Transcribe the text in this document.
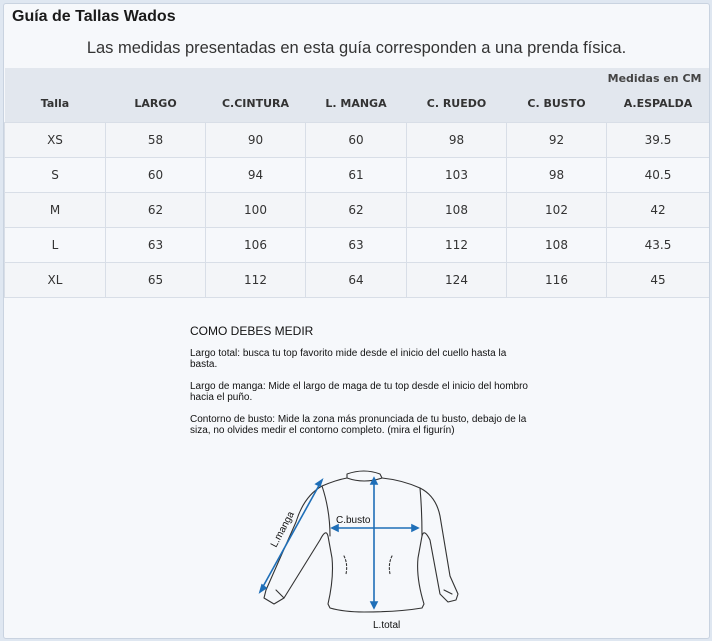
Guía de Tallas Wados
Las medidas presentadas en esta guía corresponden a una prenda física.
						Medidas en CM
Talla	LARGO	C.CINTURA	L. MANGA	C. RUEDO	C. BUSTO	A.ESPALDA
XS	58	90	60	98	92	39.5
S	60	94	61	103	98	40.5
M	62	100	62	108	102	42
L	63	106	63	112	108	43.5
XL	65	112	64	124	116	45
COMO DEBES MEDIR
Largo total: busca tu top favorito mide desde el inicio del cuello hasta la basta.
Largo de manga: Mide el largo de maga de tu top desde el inicio del hombro hacia el puño.
Contorno de busto: Mide la zona más pronunciada de tu busto, debajo de la siza, no olvides medir el contorno completo. (mira el figurín)
L.manga	C.busto
L.total
